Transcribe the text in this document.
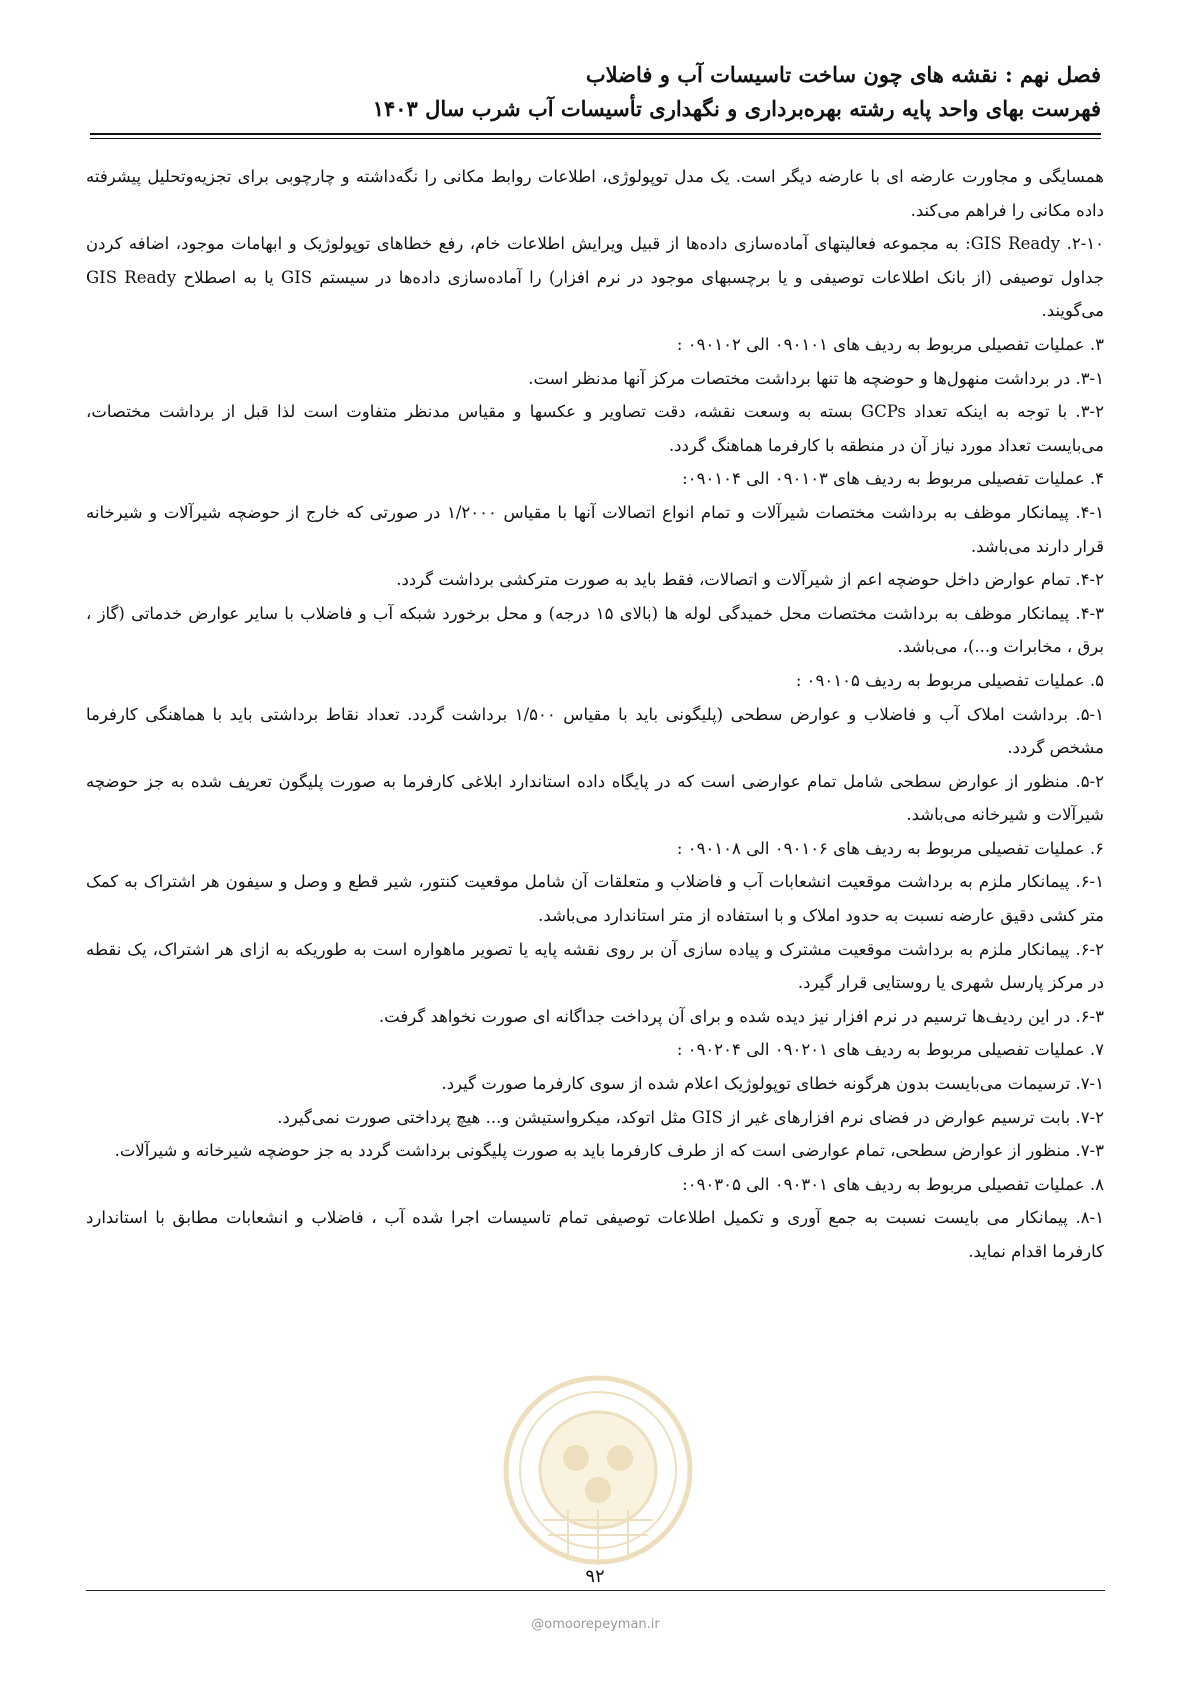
فصل نهم : نقشه های چون ساخت تاسیسات آب و فاضلاب
فهرست بهای واحد پایه رشته بهره‌برداری و نگهداری تأسیسات آب شرب سال ۱۴۰۳

همسایگی و مجاورت عارضه ای با عارضه دیگر است. یک مدل توپولوژی، اطلاعات روابط مکانی را نگه‌داشته و چارچوبی برای تجزیه‌وتحلیل پیشرفته داده مکانی را فراهم می‌کند.

۲-۱۰. GIS Ready: به مجموعه فعالیتهای آماده‌سازی داده‌ها از قبیل ویرایش اطلاعات خام، رفع خطاهای توپولوژیک و ابهامات موجود، اضافه کردن جداول توصیفی (از بانک اطلاعات توصیفی و یا برچسبهای موجود در نرم افزار) را آماده‌سازی داده‌ها در سیستم GIS یا به اصطلاح GIS Ready می‌گویند.

۳. عملیات تفصیلی مربوط به ردیف های ۰۹۰۱۰۱ الی ۰۹۰۱۰۲ :

۳-۱. در برداشت منهول‌ها و حوضچه ها تنها برداشت مختصات مرکز آنها مدنظر است.

۳-۲. با توجه به اینکه تعداد GCPs بسته به وسعت نقشه، دقت تصاویر و عکسها و مقیاس مدنظر متفاوت است لذا قبل از برداشت مختصات، می‌بایست تعداد مورد نیاز آن در منطقه با کارفرما هماهنگ گردد.

۴. عملیات تفصیلی مربوط به ردیف های ۰۹۰۱۰۳ الی ۰۹۰۱۰۴:

۴-۱. پیمانکار موظف به برداشت مختصات شیرآلات و تمام انواع اتصالات آنها با مقیاس ۱/۲۰۰۰ در صورتی که خارج از حوضچه شیرآلات و شیرخانه قرار دارند می‌باشد.

۴-۲. تمام عوارض داخل حوضچه اعم از شیرآلات و اتصالات، فقط باید به صورت مترکشی برداشت گردد.

۴-۳. پیمانکار موظف به برداشت مختصات محل خمیدگی لوله ها (بالای ۱۵ درجه) و محل برخورد شبکه آب و فاضلاب با سایر عوارض خدماتی (گاز ، برق ، مخابرات و...)، می‌باشد.

۵. عملیات تفصیلی مربوط به ردیف ۰۹۰۱۰۵ :

۵-۱. برداشت املاک آب و فاضلاب و عوارض سطحی (پلیگونی باید با مقیاس ۱/۵۰۰ برداشت گردد. تعداد نقاط برداشتی باید با هماهنگی کارفرما مشخص گردد.

۵-۲. منظور از عوارض سطحی شامل تمام عوارضی است که در پایگاه داده استاندارد ابلاغی کارفرما به صورت پلیگون تعریف شده به جز حوضچه شیرآلات و شیرخانه می‌باشد.

۶. عملیات تفصیلی مربوط به ردیف های ۰۹۰۱۰۶ الی ۰۹۰۱۰۸ :

۶-۱. پیمانکار ملزم به برداشت موقعیت انشعابات آب و فاضلاب و متعلقات آن شامل موقعیت کنتور، شیر قطع و وصل و سیفون هر اشتراک به کمک متر کشی دقیق عارضه نسبت به حدود املاک و با استفاده از متر استاندارد می‌باشد.

۶-۲. پیمانکار ملزم به برداشت موقعیت مشترک و پیاده سازی آن بر روی نقشه پایه یا تصویر ماهواره است به طوریکه به ازای هر اشتراک، یک نقطه در مرکز پارسل شهری یا روستایی قرار گیرد.

۶-۳. در این ردیف‌ها ترسیم در نرم افزار نیز دیده شده و برای آن پرداخت جداگانه ای صورت نخواهد گرفت.

۷. عملیات تفصیلی مربوط به ردیف های ۰۹۰۲۰۱ الی ۰۹۰۲۰۴ :

۷-۱. ترسیمات می‌بایست بدون هرگونه خطای توپولوژیک اعلام شده از سوی کارفرما صورت گیرد.

۷-۲. بابت ترسیم عوارض در فضای نرم افزارهای غیر از GIS مثل اتوکد، میکرواستیشن و... هیچ پرداختی صورت نمی‌گیرد.

۷-۳. منظور از عوارض سطحی، تمام عوارضی است که از طرف کارفرما باید به صورت پلیگونی برداشت گردد به جز حوضچه شیرخانه و شیرآلات.

۸. عملیات تفصیلی مربوط به ردیف های ۰۹۰۳۰۱ الی ۰۹۰۳۰۵:

۸-۱. پیمانکار می بایست نسبت به جمع آوری و تکمیل اطلاعات توصیفی تمام تاسیسات اجرا شده آب ، فاضلاب و انشعابات مطابق با استاندارد کارفرما اقدام نماید.

۹۲
@omoorepeyman.ir
